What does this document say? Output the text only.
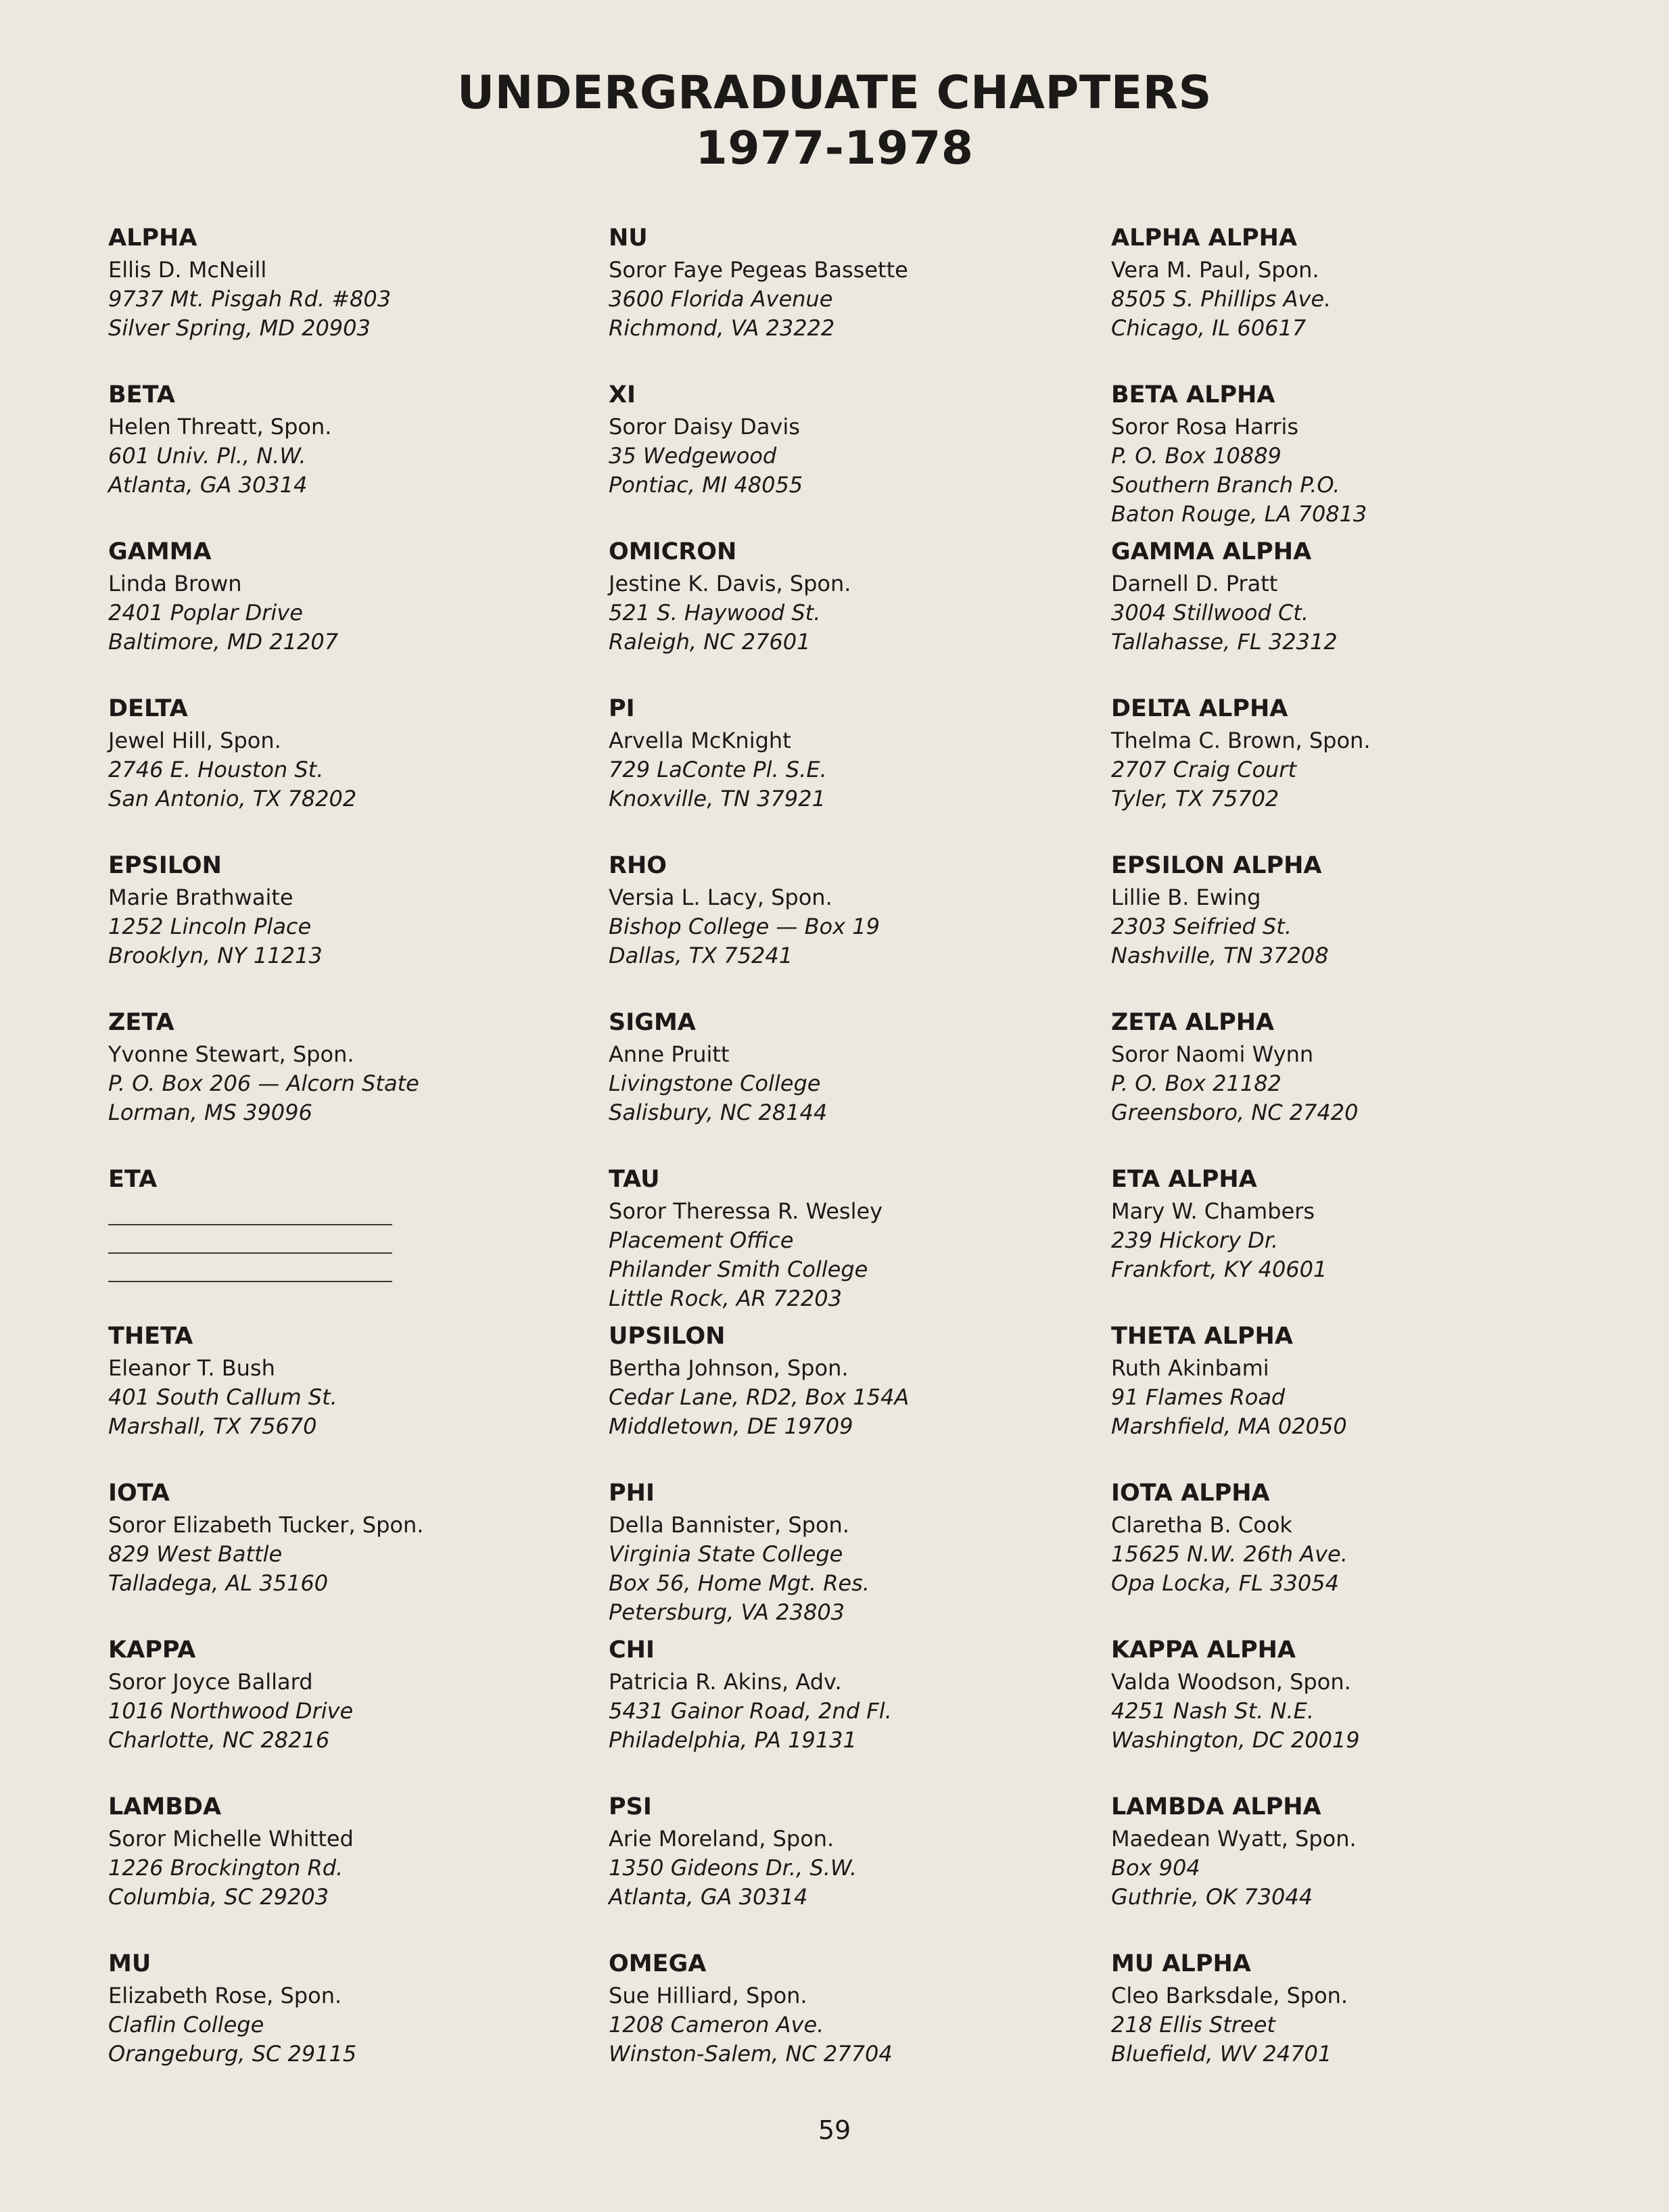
UNDERGRADUATE CHAPTERS
1977-1978
ALPHA
Ellis D. McNeill
9737 Mt. Pisgah Rd. #803
Silver Spring, MD 20903
BETA
Helen Threatt, Spon.
601 Univ. Pl., N.W.
Atlanta, GA 30314
GAMMA
Linda Brown
2401 Poplar Drive
Baltimore, MD 21207
DELTA
Jewel Hill, Spon.
2746 E. Houston St.
San Antonio, TX 78202
EPSILON
Marie Brathwaite
1252 Lincoln Place
Brooklyn, NY 11213
ZETA
Yvonne Stewart, Spon.
P. O. Box 206 — Alcorn State
Lorman, MS 39096
ETA
THETA
Eleanor T. Bush
401 South Callum St.
Marshall, TX 75670
IOTA
Soror Elizabeth Tucker, Spon.
829 West Battle
Talladega, AL 35160
KAPPA
Soror Joyce Ballard
1016 Northwood Drive
Charlotte, NC 28216
LAMBDA
Soror Michelle Whitted
1226 Brockington Rd.
Columbia, SC 29203
MU
Elizabeth Rose, Spon.
Claflin College
Orangeburg, SC 29115
NU
Soror Faye Pegeas Bassette
3600 Florida Avenue
Richmond, VA 23222
XI
Soror Daisy Davis
35 Wedgewood
Pontiac, MI 48055
OMICRON
Jestine K. Davis, Spon.
521 S. Haywood St.
Raleigh, NC 27601
PI
Arvella McKnight
729 LaConte Pl. S.E.
Knoxville, TN 37921
RHO
Versia L. Lacy, Spon.
Bishop College — Box 19
Dallas, TX 75241
SIGMA
Anne Pruitt
Livingstone College
Salisbury, NC 28144
TAU
Soror Theressa R. Wesley
Placement Office
Philander Smith College
Little Rock, AR 72203
UPSILON
Bertha Johnson, Spon.
Cedar Lane, RD2, Box 154A
Middletown, DE 19709
PHI
Della Bannister, Spon.
Virginia State College
Box 56, Home Mgt. Res.
Petersburg, VA 23803
CHI
Patricia R. Akins, Adv.
5431 Gainor Road, 2nd Fl.
Philadelphia, PA 19131
PSI
Arie Moreland, Spon.
1350 Gideons Dr., S.W.
Atlanta, GA 30314
OMEGA
Sue Hilliard, Spon.
1208 Cameron Ave.
Winston-Salem, NC 27704
ALPHA ALPHA
Vera M. Paul, Spon.
8505 S. Phillips Ave.
Chicago, IL 60617
BETA ALPHA
Soror Rosa Harris
P. O. Box 10889
Southern Branch P.O.
Baton Rouge, LA 70813
GAMMA ALPHA
Darnell D. Pratt
3004 Stillwood Ct.
Tallahasse, FL 32312
DELTA ALPHA
Thelma C. Brown, Spon.
2707 Craig Court
Tyler, TX 75702
EPSILON ALPHA
Lillie B. Ewing
2303 Seifried St.
Nashville, TN 37208
ZETA ALPHA
Soror Naomi Wynn
P. O. Box 21182
Greensboro, NC 27420
ETA ALPHA
Mary W. Chambers
239 Hickory Dr.
Frankfort, KY 40601
THETA ALPHA
Ruth Akinbami
91 Flames Road
Marshfield, MA 02050
IOTA ALPHA
Claretha B. Cook
15625 N.W. 26th Ave.
Opa Locka, FL 33054
KAPPA ALPHA
Valda Woodson, Spon.
4251 Nash St. N.E.
Washington, DC 20019
LAMBDA ALPHA
Maedean Wyatt, Spon.
Box 904
Guthrie, OK 73044
MU ALPHA
Cleo Barksdale, Spon.
218 Ellis Street
Bluefield, WV 24701
59
